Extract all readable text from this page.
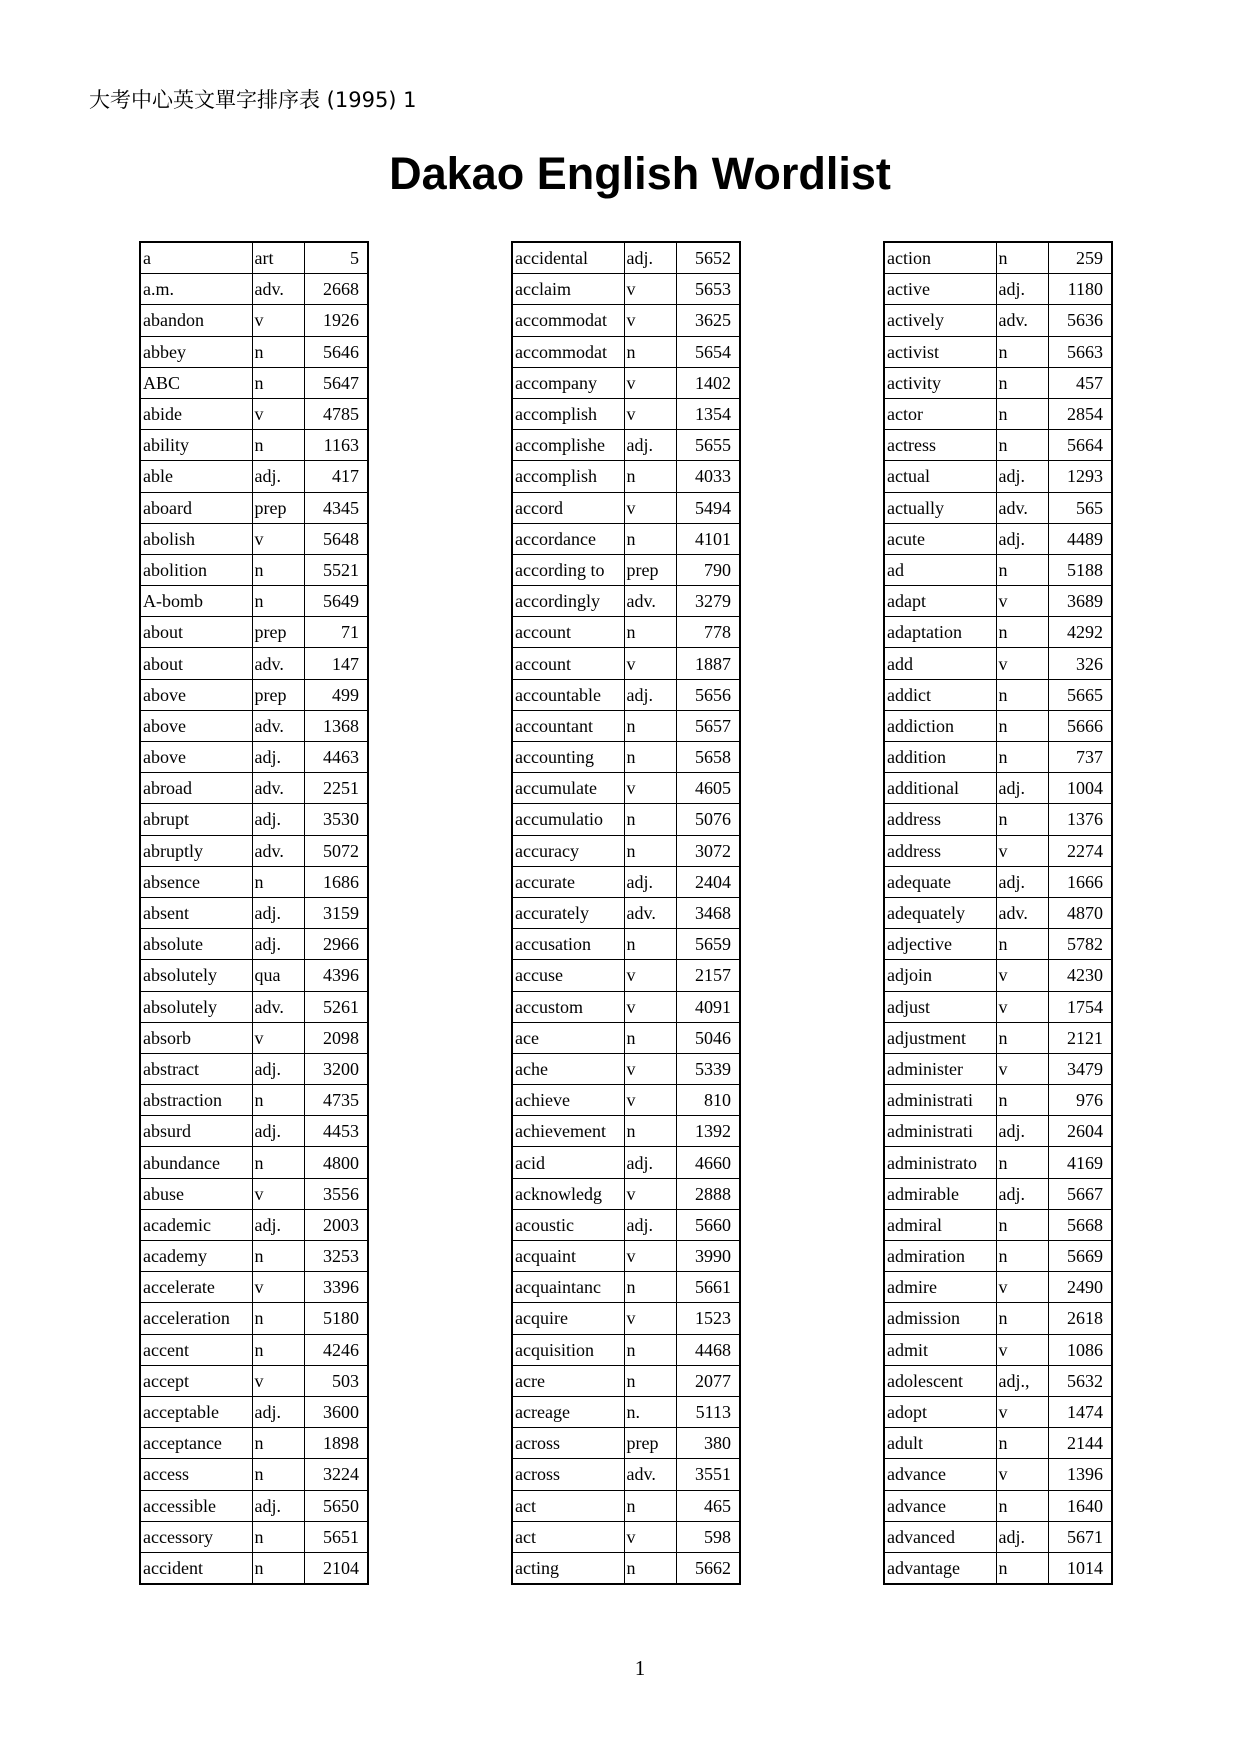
大考中心英文單字排序表 (1995) 1
Dakao English Wordlist
a	art	5
a.m.	adv.	2668
abandon	v	1926
abbey	n	5646
ABC	n	5647
abide	v	4785
ability	n	1163
able	adj.	417
aboard	prep	4345
abolish	v	5648
abolition	n	5521
A-bomb	n	5649
about	prep	71
about	adv.	147
above	prep	499
above	adv.	1368
above	adj.	4463
abroad	adv.	2251
abrupt	adj.	3530
abruptly	adv.	5072
absence	n	1686
absent	adj.	3159
absolute	adj.	2966
absolutely	qua	4396
absolutely	adv.	5261
absorb	v	2098
abstract	adj.	3200
abstraction	n	4735
absurd	adj.	4453
abundance	n	4800
abuse	v	3556
academic	adj.	2003
academy	n	3253
accelerate	v	3396
acceleration	n	5180
accent	n	4246
accept	v	503
acceptable	adj.	3600
acceptance	n	1898
access	n	3224
accessible	adj.	5650
accessory	n	5651
accident	n	2104
accidental	adj.	5652
acclaim	v	5653
accommodat	v	3625
accommodat	n	5654
accompany	v	1402
accomplish	v	1354
accomplishe	adj.	5655
accomplish	n	4033
accord	v	5494
accordance	n	4101
according to	prep	790
accordingly	adv.	3279
account	n	778
account	v	1887
accountable	adj.	5656
accountant	n	5657
accounting	n	5658
accumulate	v	4605
accumulatio	n	5076
accuracy	n	3072
accurate	adj.	2404
accurately	adv.	3468
accusation	n	5659
accuse	v	2157
accustom	v	4091
ace	n	5046
ache	v	5339
achieve	v	810
achievement	n	1392
acid	adj.	4660
acknowledg	v	2888
acoustic	adj.	5660
acquaint	v	3990
acquaintanc	n	5661
acquire	v	1523
acquisition	n	4468
acre	n	2077
acreage	n.	5113
across	prep	380
across	adv.	3551
act	n	465
act	v	598
acting	n	5662
action	n	259
active	adj.	1180
actively	adv.	5636
activist	n	5663
activity	n	457
actor	n	2854
actress	n	5664
actual	adj.	1293
actually	adv.	565
acute	adj.	4489
ad	n	5188
adapt	v	3689
adaptation	n	4292
add	v	326
addict	n	5665
addiction	n	5666
addition	n	737
additional	adj.	1004
address	n	1376
address	v	2274
adequate	adj.	1666
adequately	adv.	4870
adjective	n	5782
adjoin	v	4230
adjust	v	1754
adjustment	n	2121
administer	v	3479
administrati	n	976
administrati	adj.	2604
administrato	n	4169
admirable	adj.	5667
admiral	n	5668
admiration	n	5669
admire	v	2490
admission	n	2618
admit	v	1086
adolescent	adj.,	5632
adopt	v	1474
adult	n	2144
advance	v	1396
advance	n	1640
advanced	adj.	5671
advantage	n	1014
1
